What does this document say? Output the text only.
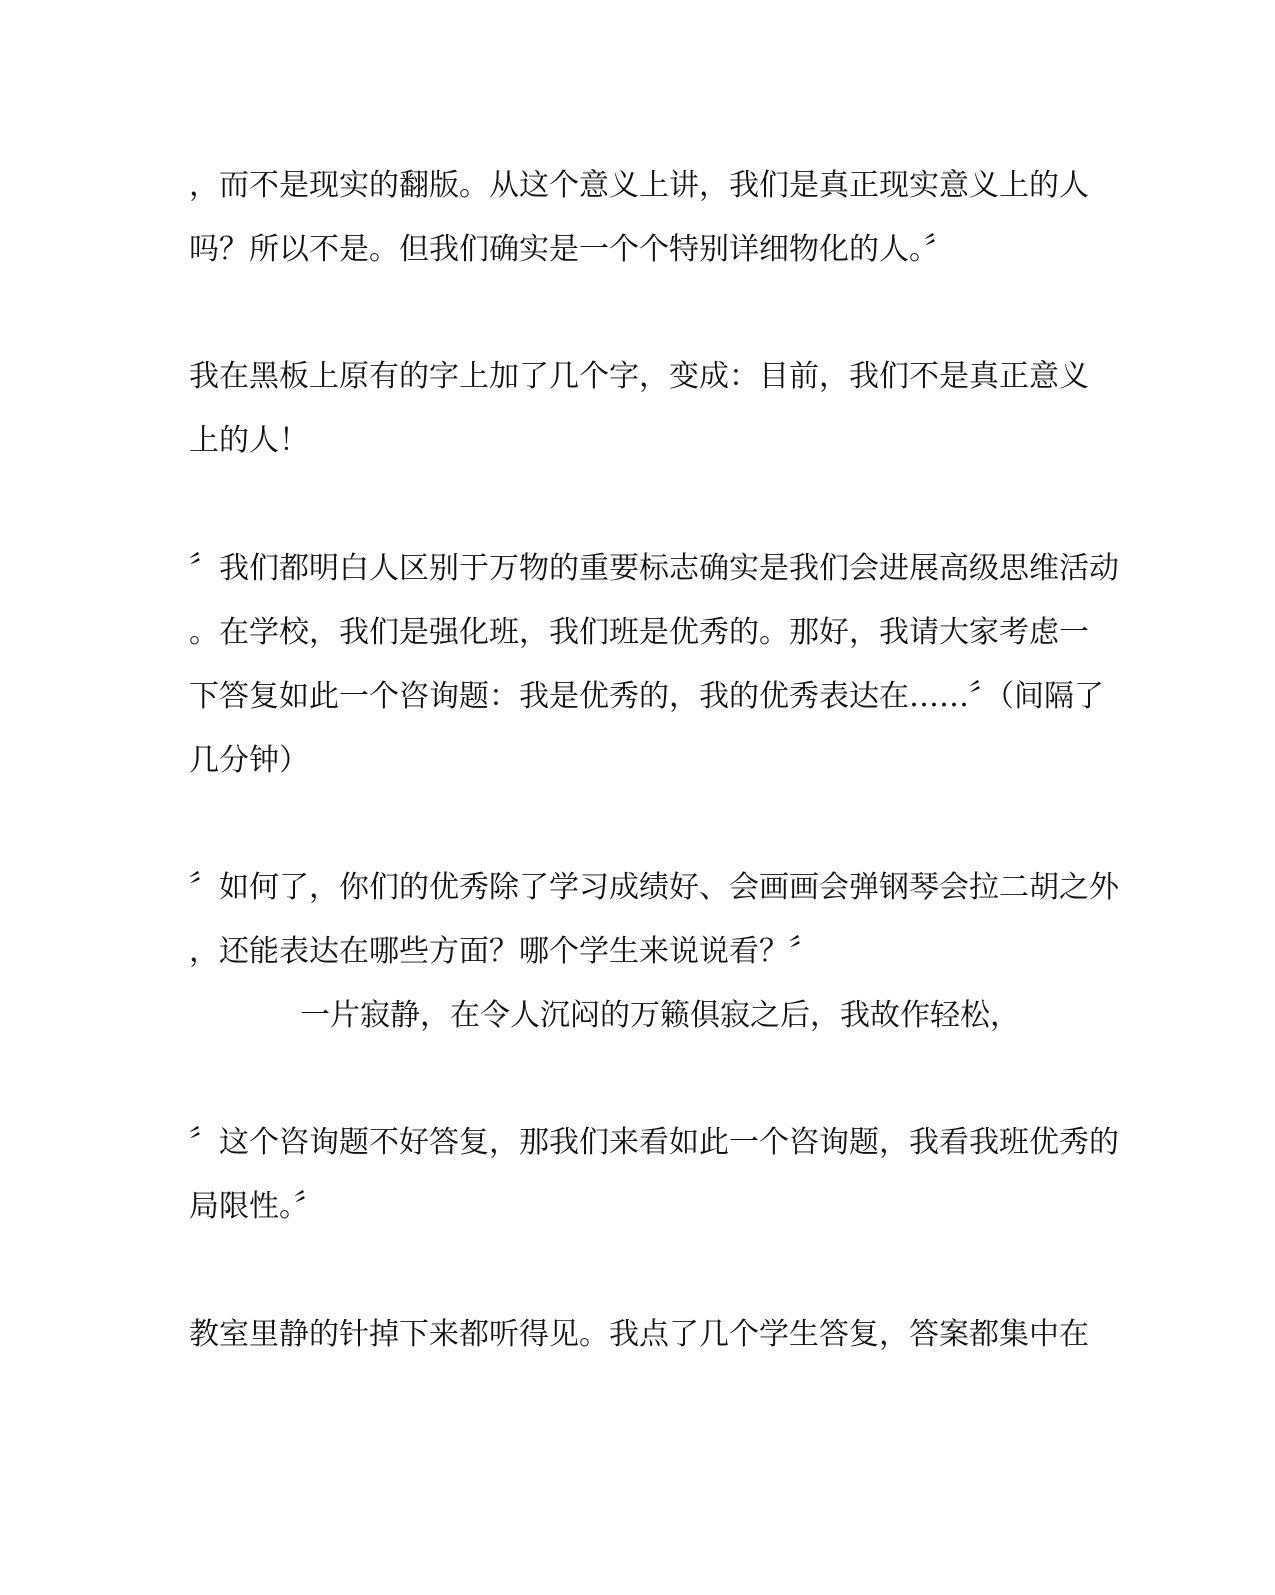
，而不是现实的翻版。从这个意义上讲，我们是真正现实意义上的人
吗？所以不是。但我们确实是一个个特别详细物化的人。〞
我在黑板上原有的字上加了几个字，变成：目前，我们不是真正意义
上的人！
〞我们都明白人区别于万物的重要标志确实是我们会进展高级思维活动
。在学校，我们是强化班，我们班是优秀的。那好，我请大家考虑一
下答复如此一个咨询题：我是优秀的，我的优秀表达在……〞（间隔了
几分钟）
〞如何了，你们的优秀除了学习成绩好、会画画会弹钢琴会拉二胡之外
，还能表达在哪些方面？哪个学生来说说看？〞
一片寂静，在令人沉闷的万籁俱寂之后，我故作轻松，
〞这个咨询题不好答复，那我们来看如此一个咨询题，我看我班优秀的
局限性。〞
教室里静的针掉下来都听得见。我点了几个学生答复，答案都集中在
